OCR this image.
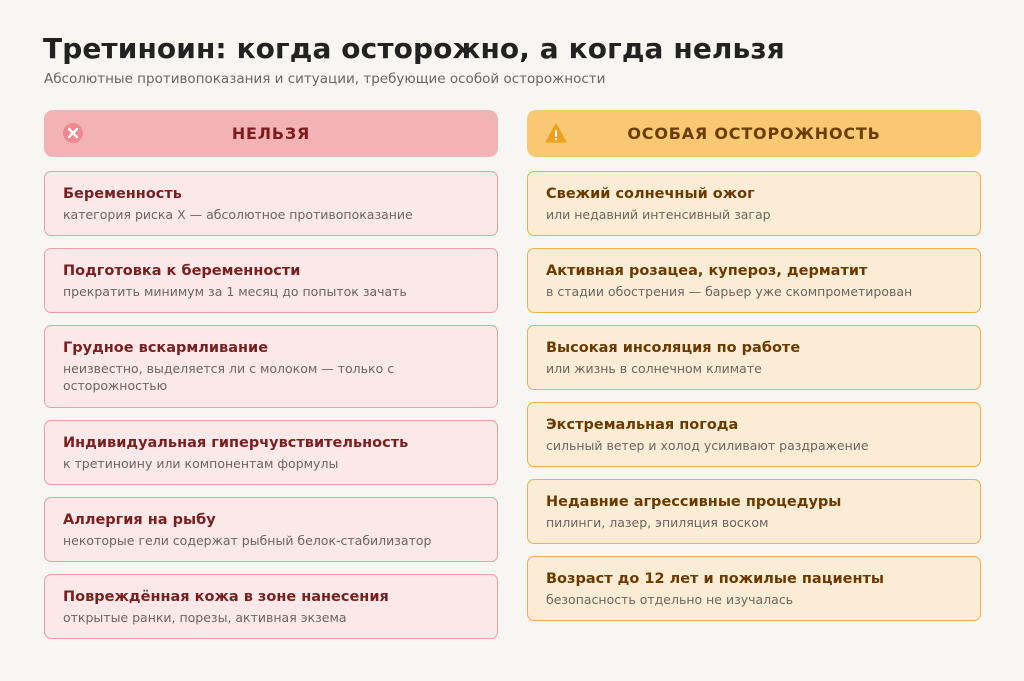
Третиноин: когда осторожно, а когда нельзя
Абсолютные противопоказания и ситуации, требующие особой осторожности
НЕЛЬЗЯ
Беременность
категория риска X — абсолютное противопоказание
Подготовка к беременности
прекратить минимум за 1 месяц до попыток зачать
Грудное вскармливание
неизвестно, выделяется ли с молоком — только с осторожностью
Индивидуальная гиперчувствительность
к третиноину или компонентам формулы
Аллергия на рыбу
некоторые гели содержат рыбный белок-стабилизатор
Повреждённая кожа в зоне нанесения
открытые ранки, порезы, активная экзема
ОСОБАЯ ОСТОРОЖНОСТЬ
Свежий солнечный ожог
или недавний интенсивный загар
Активная розацеа, купероз, дерматит
в стадии обострения — барьер уже скомпрометирован
Высокая инсоляция по работе
или жизнь в солнечном климате
Экстремальная погода
сильный ветер и холод усиливают раздражение
Недавние агрессивные процедуры
пилинги, лазер, эпиляция воском
Возраст до 12 лет и пожилые пациенты
безопасность отдельно не изучалась
